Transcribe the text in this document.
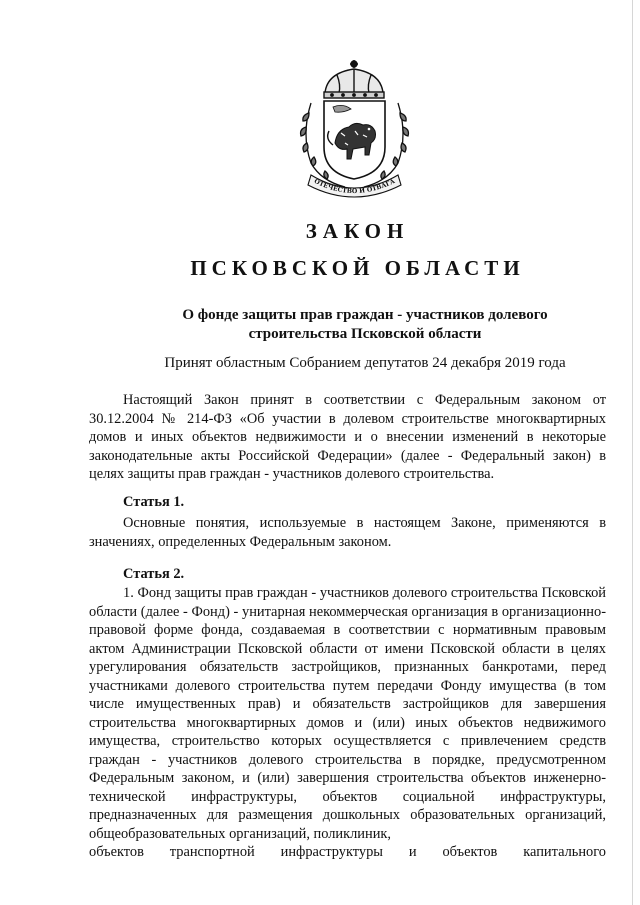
ОТЕЧЕСТВО И ОТВАГА
ЗАКОН
ПСКОВСКОЙ ОБЛАСТИ
О фонде защиты прав граждан - участников долевого строительства Псковской области
Принят областным Собранием депутатов 24 декабря 2019 года

Настоящий Закон принят в соответствии с Федеральным законом от 30.12.2004 № 214-ФЗ «Об участии в долевом строительстве многоквартирных домов и иных объектов недвижимости и о внесении изменений в некоторые законодательные акты Российской Федерации» (далее - Федеральный закон) в целях защиты прав граждан - участников долевого строительства.

Статья 1.

Основные понятия, используемые в настоящем Законе, применяются в значениях, определенных Федеральным законом.

Статья 2.
1. Фонд защиты прав граждан - участников долевого строительства Псковской области (далее - Фонд) - унитарная некоммерческая организация в организационно-правовой форме фонда, создаваемая в соответствии с нормативным правовым актом Администрации Псковской области от имени Псковской области в целях урегулирования обязательств застройщиков, признанных банкротами, перед участниками долевого строительства путем передачи Фонду имущества (в том числе имущественных прав) и обязательств застройщиков для завершения строительства многоквартирных домов и (или) иных объектов недвижимого имущества, строительство которых осуществляется с привлечением средств граждан - участников долевого строительства в порядке, предусмотренном Федеральным законом, и (или) завершения строительства объектов инженерно-технической инфраструктуры, объектов социальной инфраструктуры, предназначенных для размещения дошкольных образовательных организаций, общеобразовательных организаций, поликлиник,
объектов транспортной инфраструктуры и объектов капитального
